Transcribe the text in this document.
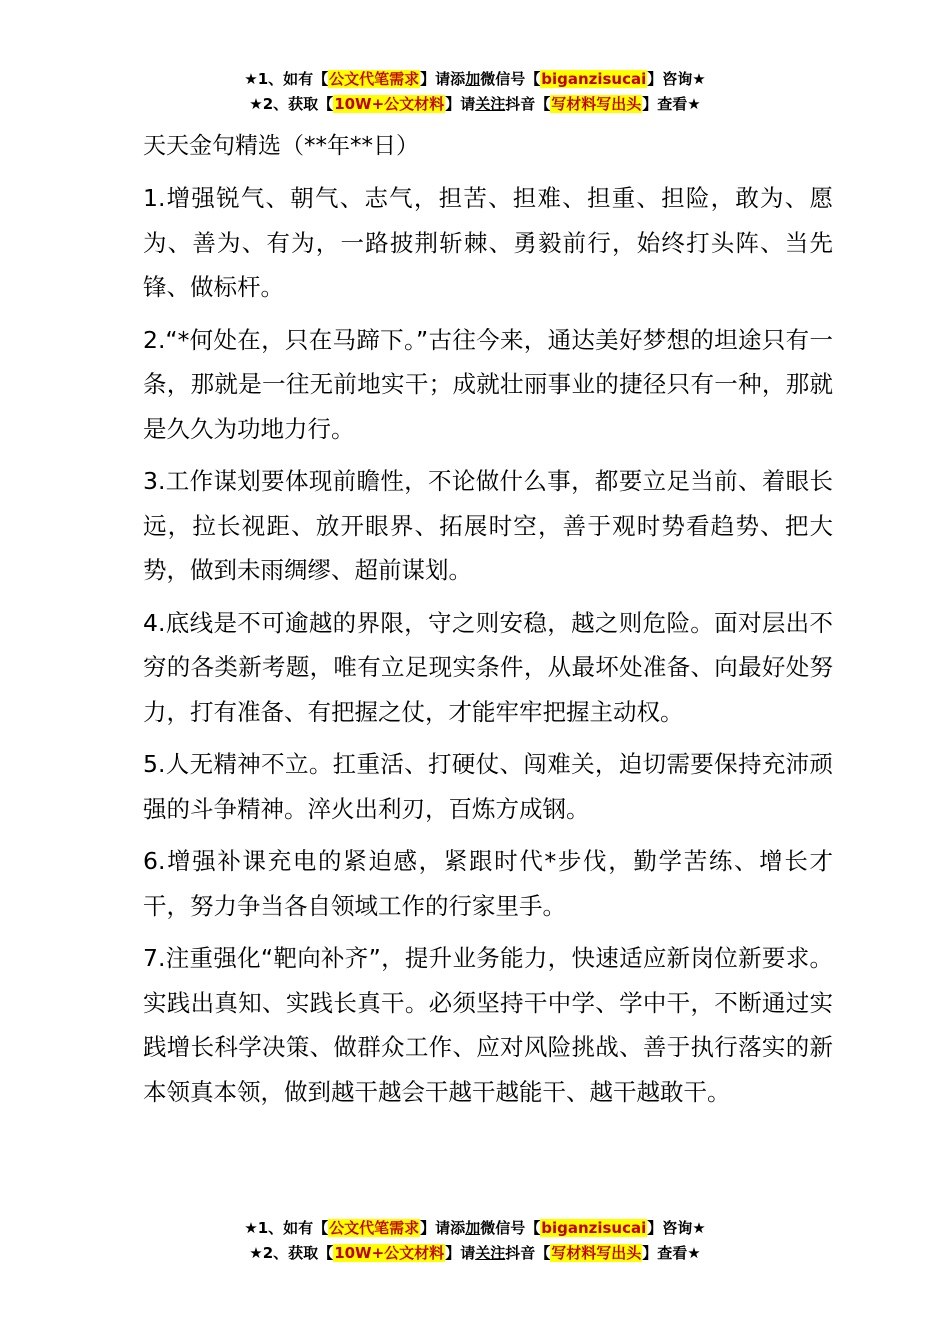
★1、如有【公文代笔需求】请添加微信号【biganzisucai】咨询★
★2、获取【10W+公文材料】请关注抖音【写材料写出头】查看★
天天金句精选（**年**日）

1.增强锐气、朝气、志气，担苦、担难、担重、担险，敢为、愿为、善为、有为，一路披荆斩棘、勇毅前行，始终打头阵、当先锋、做标杆。

2.“*何处在，只在马蹄下。”古往今来，通达美好梦想的坦途只有一条，那就是一往无前地实干；成就壮丽事业的捷径只有一种，那就是久久为功地力行。

3.工作谋划要体现前瞻性，不论做什么事，都要立足当前、着眼长远，拉长视距、放开眼界、拓展时空，善于观时势看趋势、把大势，做到未雨绸缪、超前谋划。

4.底线是不可逾越的界限，守之则安稳，越之则危险。面对层出不穷的各类新考题，唯有立足现实条件，从最坏处准备、向最好处努力，打有准备、有把握之仗，才能牢牢把握主动权。

5.人无精神不立。扛重活、打硬仗、闯难关，迫切需要保持充沛顽强的斗争精神。淬火出利刃，百炼方成钢。

6.增强补课充电的紧迫感，紧跟时代*步伐，勤学苦练、增长才干，努力争当各自领域工作的行家里手。

7.注重强化“靶向补齐”，提升业务能力，快速适应新岗位新要求。实践出真知、实践长真干。必须坚持干中学、学中干，不断通过实践增长科学决策、做群众工作、应对风险挑战、善于执行落实的新本领真本领，做到越干越会干越干越能干、越干越敢干。

★1、如有【公文代笔需求】请添加微信号【biganzisucai】咨询★
★2、获取【10W+公文材料】请关注抖音【写材料写出头】查看★
